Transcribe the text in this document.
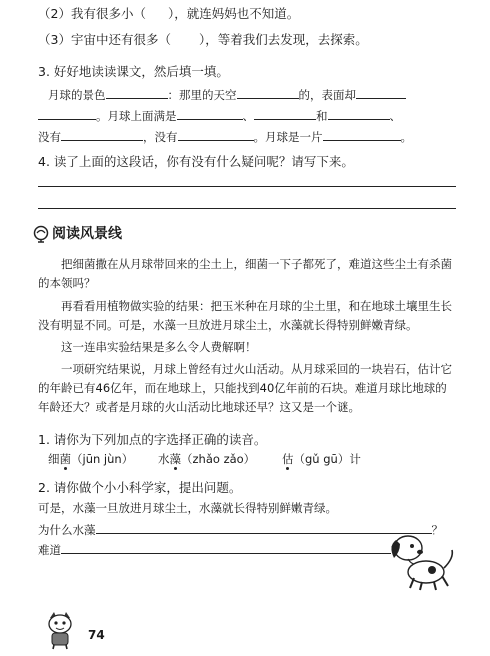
（2）我有很多小（ ），就连妈妈也不知道。
（3）宇宙中还有很多（ ），等着我们去发现，去探索。
3. 好好地读读课文，然后填一填。
月球的景色	：那里的天空	的，表面却
。月球上面满是	、	和	、
没有	，没有	。月球是一片	。
4. 读了上面的这段话，你有没有什么疑问呢？请写下来。
阅读风景线
把细菌撒在从月球带回来的尘土上，细菌一下子都死了，难道这些尘土有杀菌的本领吗？
再看看用植物做实验的结果：把玉米种在月球的尘土里，和在地球土壤里生长没有明显不同。可是，水藻一旦放进月球尘土，水藻就长得特别鲜嫩青绿。
这一连串实验结果是多么令人费解啊！
一项研究结果说，月球上曾经有过火山活动。从月球采回的一块岩石，估计它的年龄已有46亿年，而在地球上，只能找到40亿年前的石块。难道月球比地球的年龄还大？或者是月球的火山活动比地球还早？这又是一个谜。
1. 请你为下列加点的字选择正确的读音。
细菌（jūn jùn） 水藻（zhǎo zǎo） 估（gǔ gū）计
2. 请你做个小小科学家，提出问题。
可是，水藻一旦放进月球尘土，水藻就长得特别鲜嫩青绿。
为什么水藻	？
难道
74
